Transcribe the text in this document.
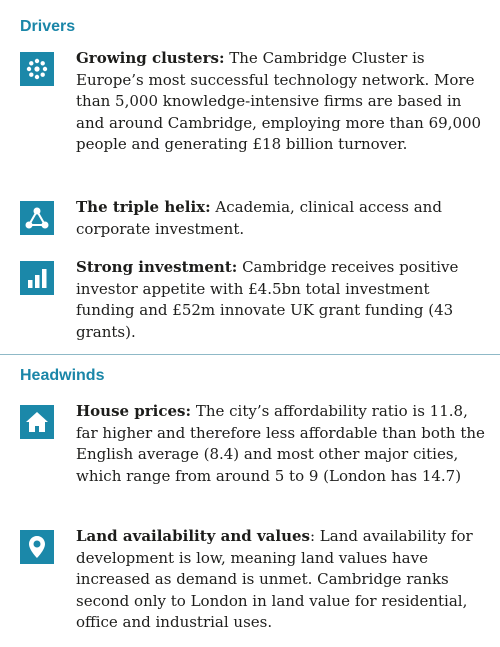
Drivers
Growing clusters: The Cambridge Cluster is Europe’s most successful technology network. More than 5,000 knowledge-intensive firms are based in and around Cambridge, employing more than 69,000 people and generating £18 billion turnover.
The triple helix: Academia, clinical access and corporate investment.
Strong investment: Cambridge receives positive investor appetite with £4.5bn total investment funding and £52m innovate UK grant funding (43 grants).
Headwinds
House prices: The city’s affordability ratio is 11.8, far higher and therefore less affordable than both the English average (8.4) and most other major cities, which range from around 5 to 9 (London has 14.7)
Land availability and values: Land availability for development is low, meaning land values have increased as demand is unmet. Cambridge ranks second only to London in land value for residential, office and industrial uses.
